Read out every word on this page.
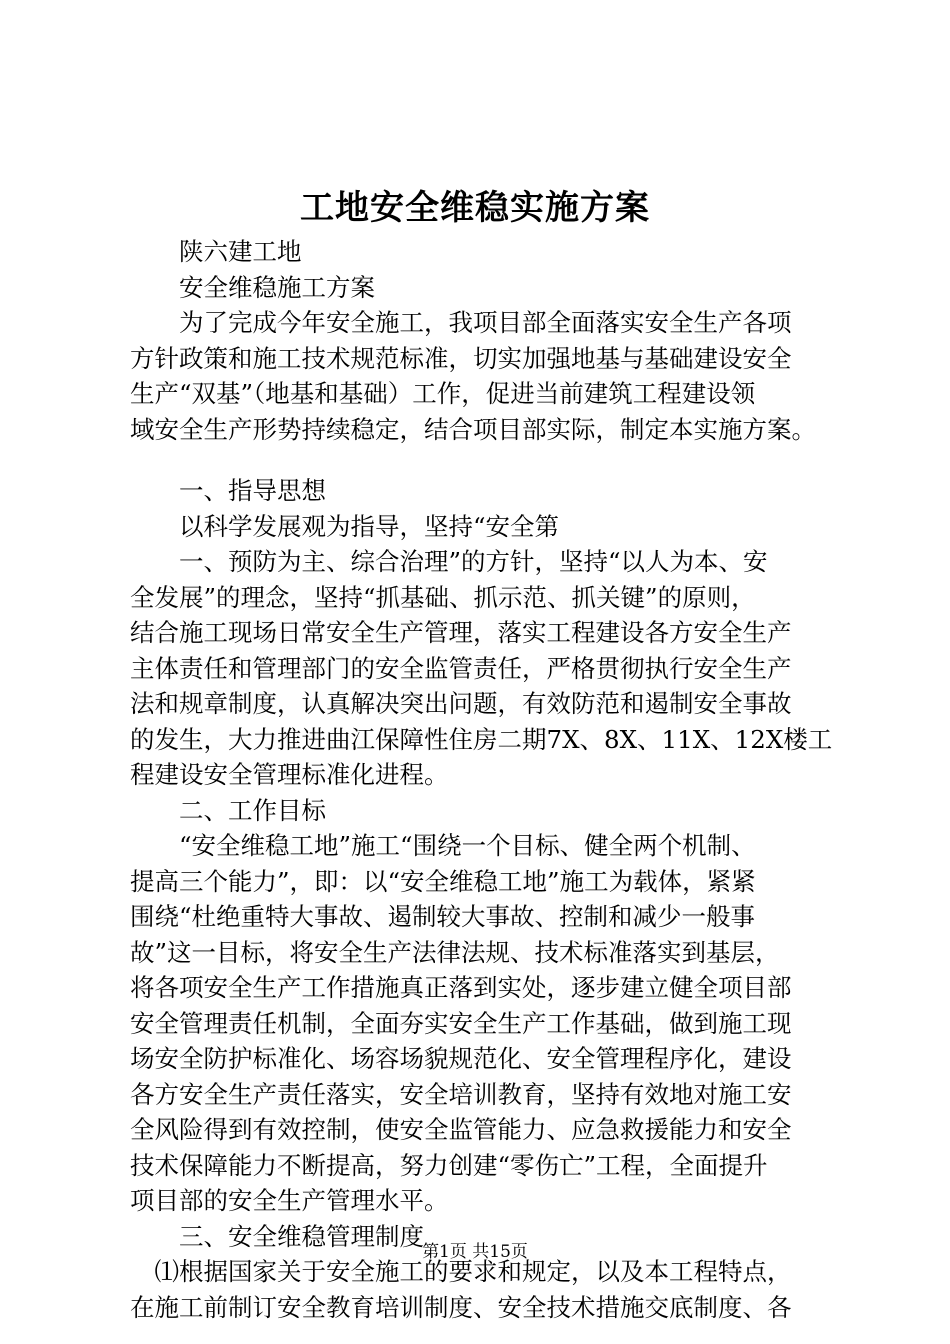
工地安全维稳实施方案
　　陕六建工地
　　安全维稳施工方案
　　为了完成今年安全施工，我项目部全面落实安全生产各项
方针政策和施工技术规范标准，切实加强地基与基础建设安全
生产“双基”（地基和基础）工作，促进当前建筑工程建设领
域安全生产形势持续稳定，结合项目部实际，制定本实施方案。
　　一、指导思想
　　以科学发展观为指导，坚持“安全第
　　一、预防为主、综合治理”的方针，坚持“以人为本、安
全发展”的理念，坚持“抓基础、抓示范、抓关键”的原则，
结合施工现场日常安全生产管理，落实工程建设各方安全生产
主体责任和管理部门的安全监管责任，严格贯彻执行安全生产
法和规章制度，认真解决突出问题，有效防范和遏制安全事故
的发生，大力推进曲江保障性住房二期7X、8X、11X、12X楼工
程建设安全管理标准化进程。
　　二、工作目标
　　“安全维稳工地”施工“围绕一个目标、健全两个机制、
提高三个能力”，即：以“安全维稳工地”施工为载体，紧紧
围绕“杜绝重特大事故、遏制较大事故、控制和减少一般事
故”这一目标，将安全生产法律法规、技术标准落实到基层，
将各项安全生产工作措施真正落到实处，逐步建立健全项目部
安全管理责任机制，全面夯实安全生产工作基础，做到施工现
场安全防护标准化、场容场貌规范化、安全管理程序化，建设
各方安全生产责任落实，安全培训教育，坚持有效地对施工安
全风险得到有效控制，使安全监管能力、应急救援能力和安全
技术保障能力不断提高，努力创建“零伤亡”工程，全面提升
项目部的安全生产管理水平。
　　三、安全维稳管理制度
　⑴根据国家关于安全施工的要求和规定，以及本工程特点，
在施工前制订安全教育培训制度、安全技术措施交底制度、各
第1页 共15页
